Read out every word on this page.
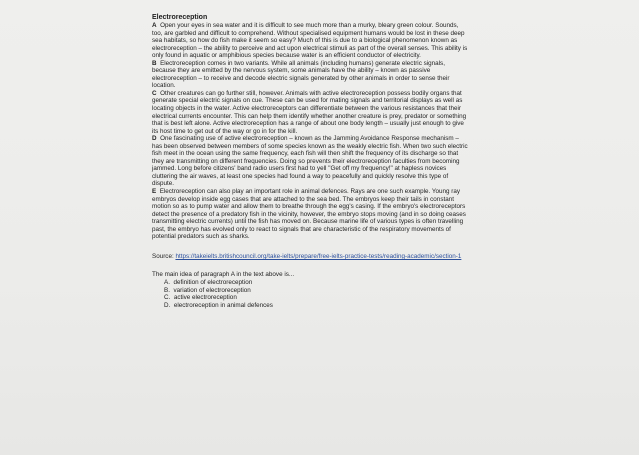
Electroreception

A Open your eyes in sea water and it is difficult to see much more than a murky, bleary green colour. Sounds, too, are garbled and difficult to comprehend. Without specialised equipment humans would be lost in these deep sea habitats, so how do fish make it seem so easy? Much of this is due to a biological phenomenon known as electroreception – the ability to perceive and act upon electrical stimuli as part of the overall senses. This ability is only found in aquatic or amphibious species because water is an efficient conductor of electricity.

B Electroreception comes in two variants. While all animals (including humans) generate electric signals, because they are emitted by the nervous system, some animals have the ability – known as passive electroreception – to receive and decode electric signals generated by other animals in order to sense their location.

C Other creatures can go further still, however. Animals with active electroreception possess bodily organs that generate special electric signals on cue. These can be used for mating signals and territorial displays as well as locating objects in the water. Active electroreceptors can differentiate between the various resistances that their electrical currents encounter. This can help them identify whether another creature is prey, predator or something that is best left alone. Active electroreception has a range of about one body length – usually just enough to give its host time to get out of the way or go in for the kill.

D One fascinating use of active electroreception – known as the Jamming Avoidance Response mechanism – has been observed between members of some species known as the weakly electric fish. When two such electric fish meet in the ocean using the same frequency, each fish will then shift the frequency of its discharge so that they are transmitting on different frequencies. Doing so prevents their electroreception faculties from becoming jammed. Long before citizens' band radio users first had to yell "Get off my frequency!" at hapless novices cluttering the air waves, at least one species had found a way to peacefully and quickly resolve this type of dispute.

E Electroreception can also play an important role in animal defences. Rays are one such example. Young ray embryos develop inside egg cases that are attached to the sea bed. The embryos keep their tails in constant motion so as to pump water and allow them to breathe through the egg's casing. If the embryo's electroreceptors detect the presence of a predatory fish in the vicinity, however, the embryo stops moving (and in so doing ceases transmitting electric currents) until the fish has moved on. Because marine life of various types is often travelling past, the embryo has evolved only to react to signals that are characteristic of the respiratory movements of potential predators such as sharks.

Source: https://takeielts.britishcouncil.org/take-ielts/prepare/free-ielts-practice-tests/reading-academic/section-1
The main idea of paragraph A in the text above is...
A. definition of electroreception
B. variation of electroreception
C. active electroreception
D. electroreception in animal defences
